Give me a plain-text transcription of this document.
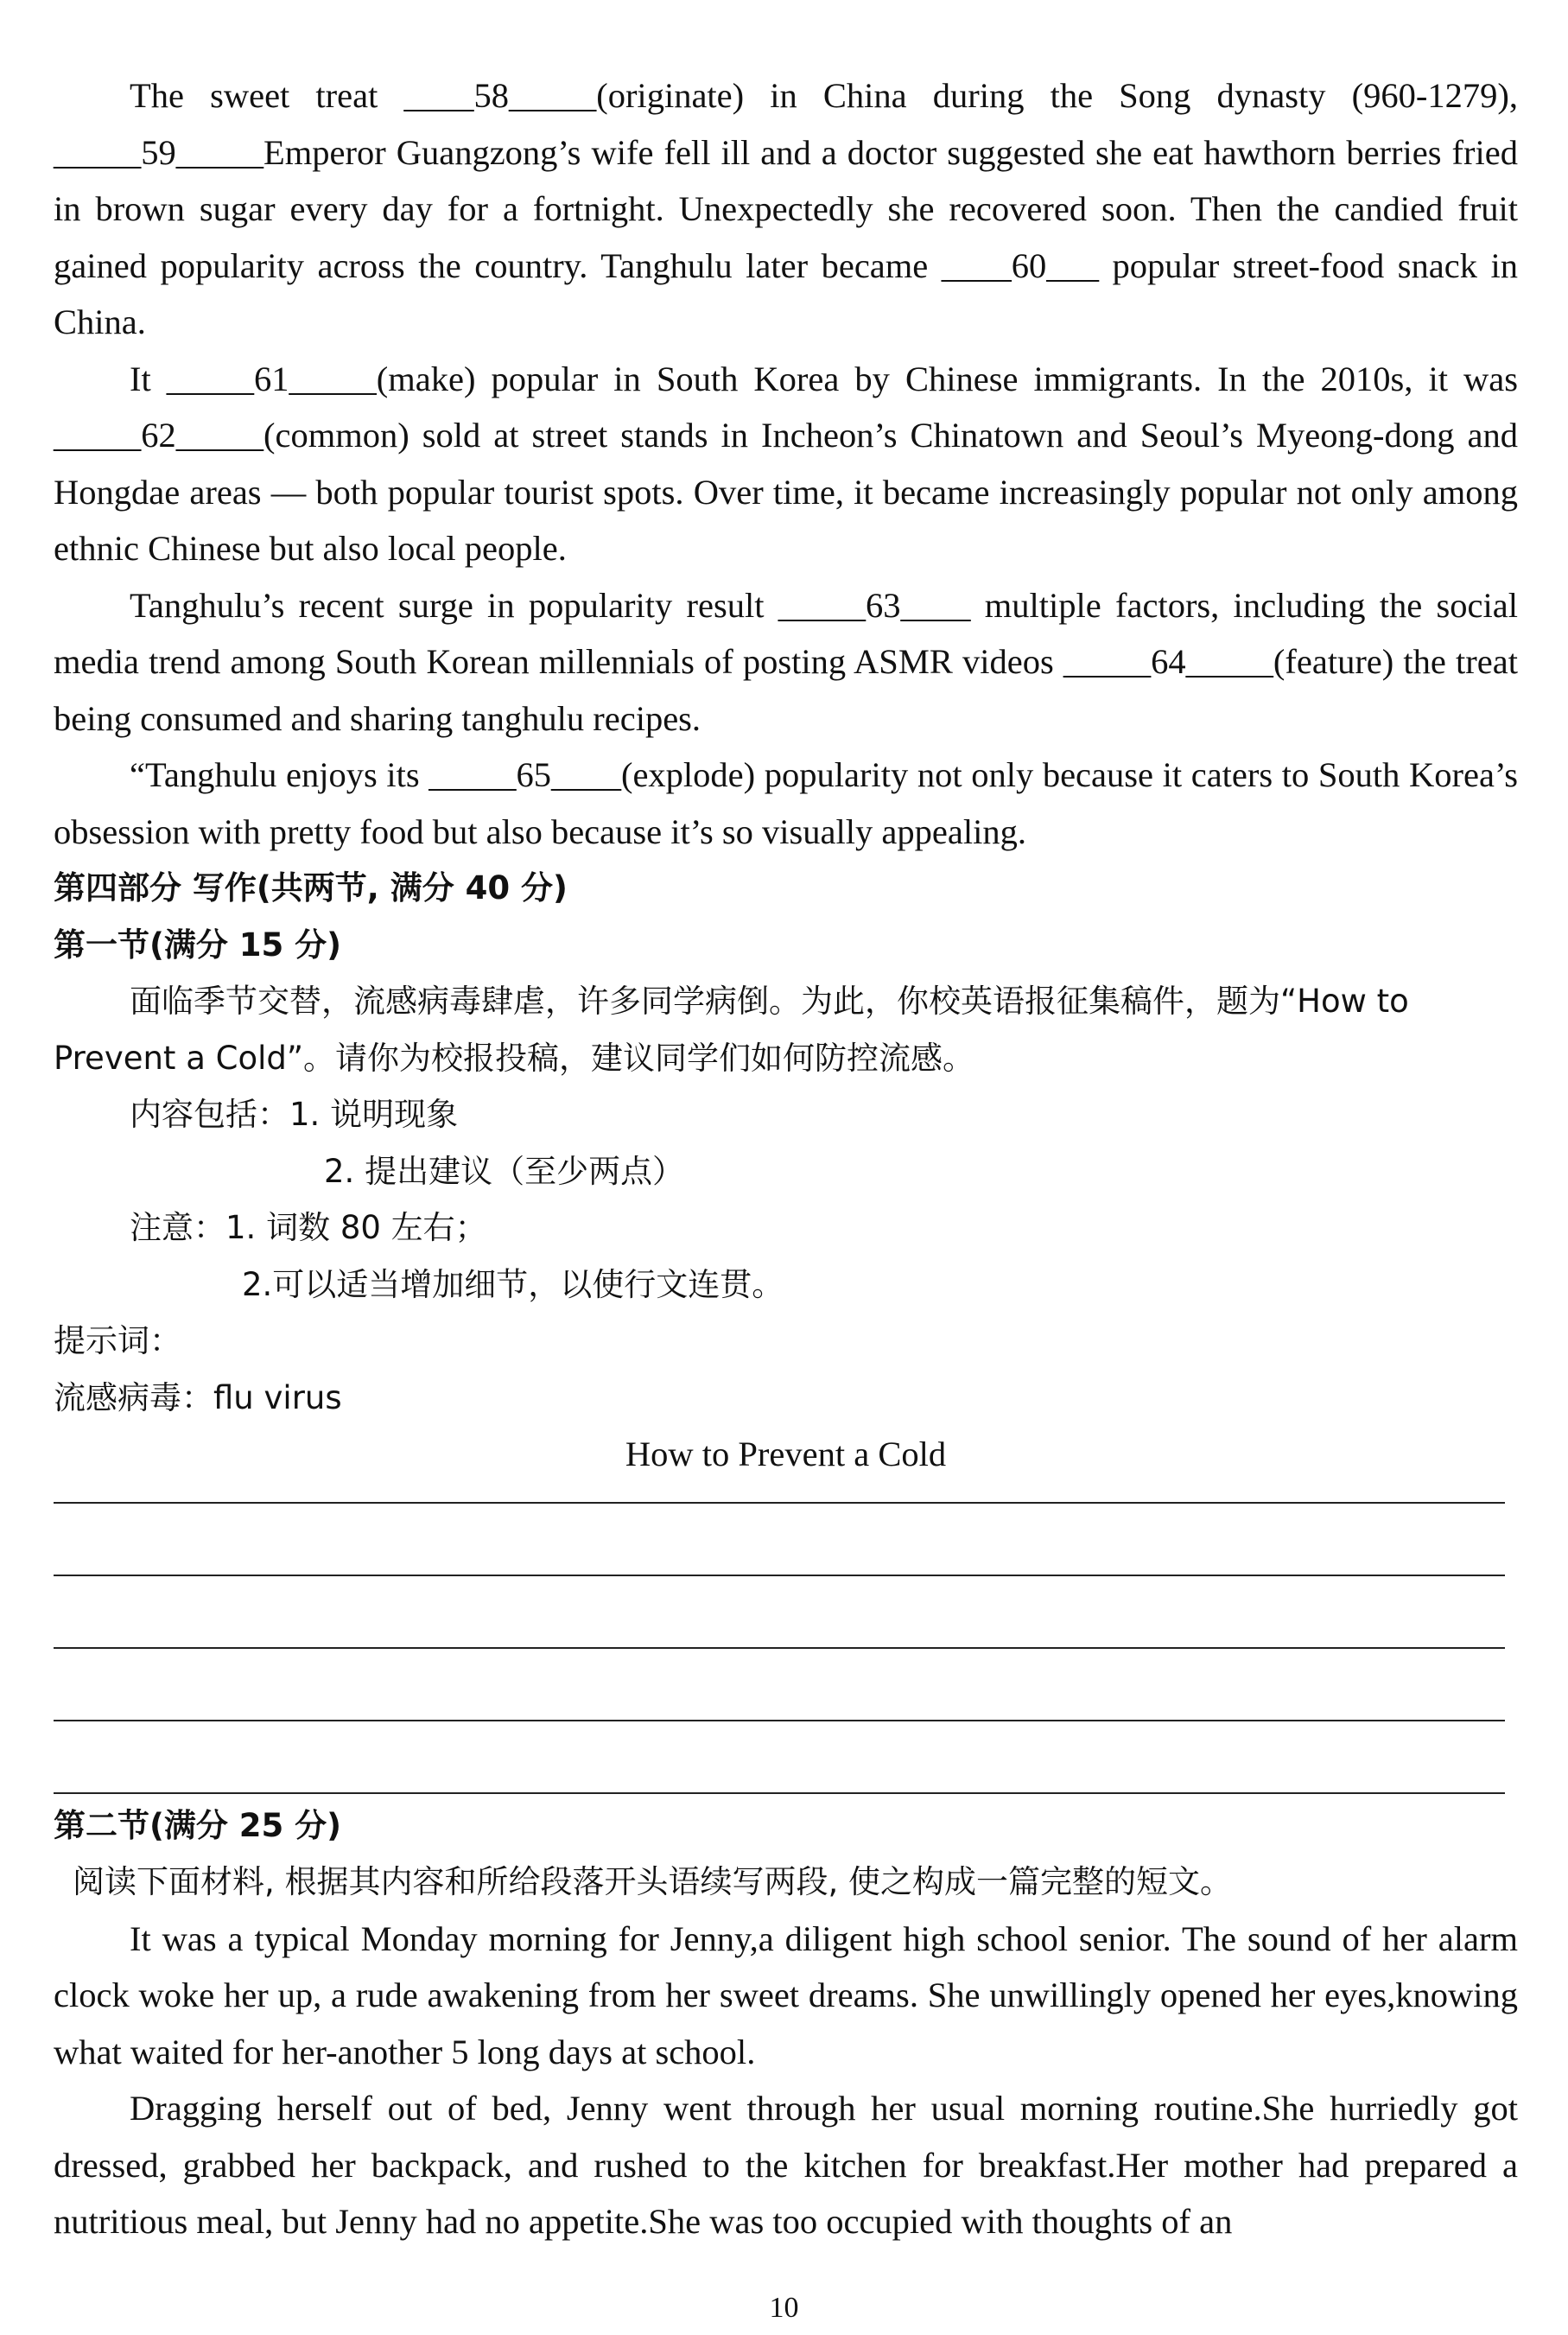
The sweet treat ____58_____(originate) in China during the Song dynasty (960-1279), _____59_____Emperor Guangzong’s wife fell ill and a doctor suggested she eat hawthorn berries fried in brown sugar every day for a fortnight. Unexpectedly she recovered soon. Then the candied fruit gained popularity across the country. Tanghulu later became ____60___ popular street-food snack in China.

It _____61_____(make) popular in South Korea by Chinese immigrants. In the 2010s, it was _____62_____(common) sold at street stands in Incheon’s Chinatown and Seoul’s Myeong-dong and Hongdae areas — both popular tourist spots. Over time, it became increasingly popular not only among ethnic Chinese but also local people.

Tanghulu’s recent surge in popularity result _____63____ multiple factors, including the social media trend among South Korean millennials of posting ASMR videos _____64_____(feature) the treat being consumed and sharing tanghulu recipes.

“Tanghulu enjoys its _____65____(explode) popularity not only because it caters to South Korea’s obsession with pretty food but also because it’s so visually appealing.

第四部分 写作(共两节, 满分 40 分)

第一节(满分 15 分)

面临季节交替，流感病毒肆虐，许多同学病倒。为此，你校英语报征集稿件，题为“How to Prevent a Cold”。请你为校报投稿，建议同学们如何防控流感。

内容包括：1. 说明现象

2. 提出建议（至少两点）

注意：1. 词数 80 左右；

2.可以适当增加细节，以使行文连贯。

提示词：

流感病毒：flu virus

How to Prevent a Cold

第二节(满分 25 分)

阅读下面材料, 根据其内容和所给段落开头语续写两段, 使之构成一篇完整的短文。

It was a typical Monday morning for Jenny,a diligent high school senior. The sound of her alarm clock woke her up, a rude awakening from her sweet dreams. She unwillingly opened her eyes,knowing what waited for her-another 5 long days at school.

Dragging herself out of bed, Jenny went through her usual morning routine.She hurriedly got dressed, grabbed her backpack, and rushed to the kitchen for breakfast.Her mother had prepared a nutritious meal, but Jenny had no appetite.She was too occupied with thoughts of an

10
